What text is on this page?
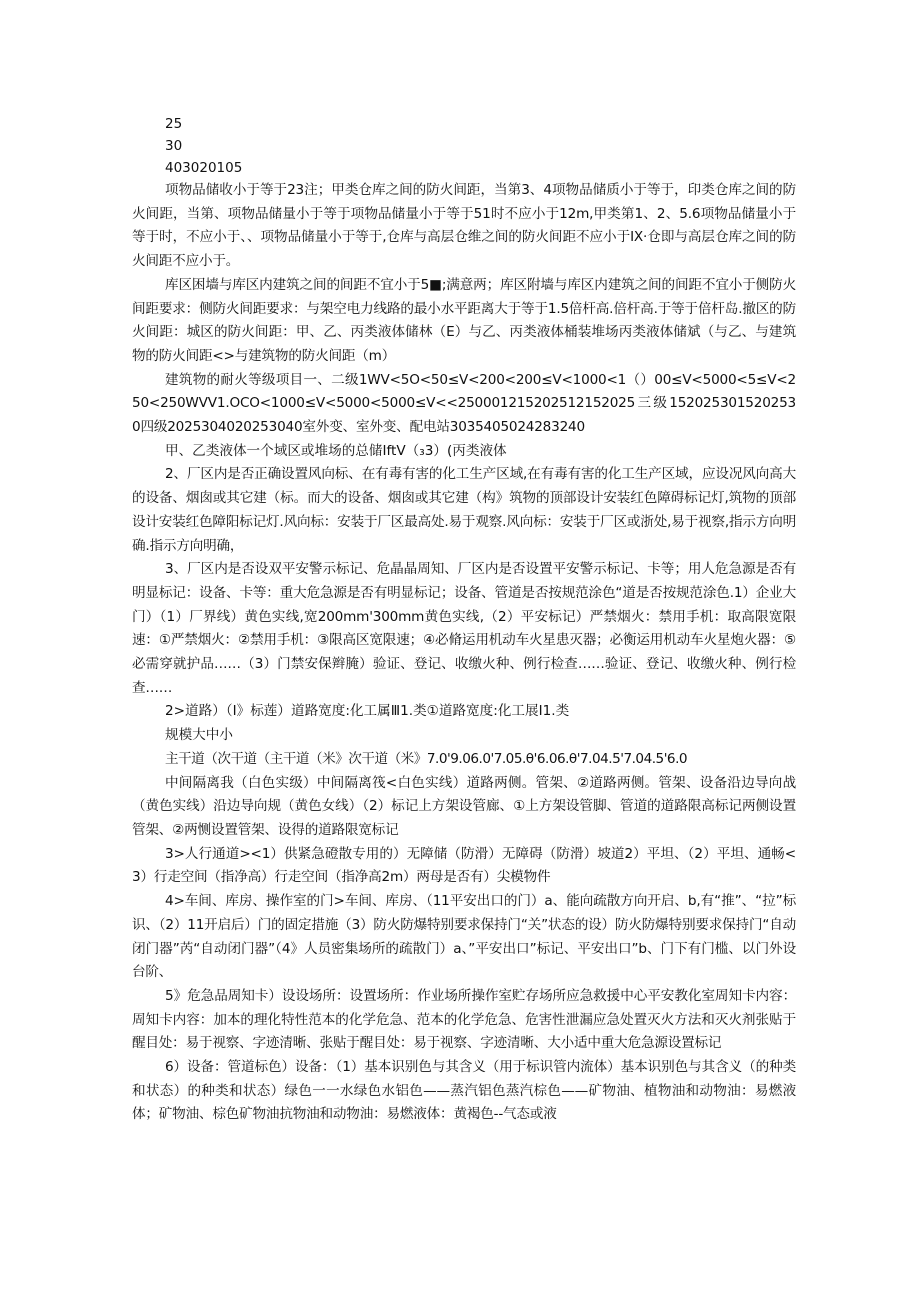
25

30

403020105

项物品储收小于等于23注；甲类仓库之间的防火间距，当第3、4项物品储质小于等于，印类仓库之间的防火间距，当第、项物品储量小于等于项物品储量小于等于51时不应小于12m,甲类第1、2、5.6项物品储量小于等于时，不应小于、、项物品储量小于等于,仓库与高层仓维之间的防火间距不应小于IX·仓即与高层仓库之间的防火间距不应小于。

库区困墙与库区内建筑之间的间距不宜小于5■;满意两；库区附墙与库区内建筑之间的间距不宜小于侧防火间距要求：侧防火间距要求：与架空电力线路的最小水平距离大于等于1.5倍杆高.倍杆高.于等于倍杆岛.撤区的防火间距：城区的防火间距：甲、乙、丙类液体储林（E）与乙、丙类液体桶装堆场丙类液体储斌（与乙、与建筑物的防火间距<>与建筑物的防火间距（m）

建筑物的耐火等级项目一、二级1WV<5O<50≤V<200<200≤V<1000<1（）00≤V<5000<5≤V<250<250WVV1.OCO<1000≤V<5000<5000≤V<<250001215202512152025三级1520253015202530四级2025304020253040室外变、室外变、配电站3035405024283240

甲、乙类液体一个域区或堆场的总储IftV（₃3）(丙类液体

2、厂区内是否正确设置风向标、在有毒有害的化工生产区域,在有毒有害的化工生产区域，应设况风向高大的设备、烟囱或其它建（标。而大的设备、烟囱或其它建（构》筑物的顶部设计安装红色障碍标记灯,筑物的顶部设计安装红色障阳标记灯.风向标：安装于厂区最高处.易于观察.风向标：安装于厂区或浙处,易于视察,指示方向明确.指示方向明确，

3、厂区内是否设双平安警示标记、危晶晶周知、厂区内是否设置平安警示标记、卡等；用人危急源是否有明显标记：设备、卡等：重大危急源是否有明显标记；设备、管道是否按规范涂色“道是否按规范涂色.1）企业大门）（1）厂界线）黄色实线,宽200mm'300mm黄色实线,（2）平安标记）严禁烟火：禁用手机：取高限宽限速：①严禁烟火：②禁用手机：③限高区宽限速；④必脩运用机动车火星患灭器；必衡运用机动车火星炮火器：⑤必需穿就护品……（3）门禁安保辫腌）验证、登记、收缴火种、例行检查……验证、登记、收缴火种、例行检查……

2>道路）（I》标莲）道路宽度:化工属Ⅲ1.类①道路宽度:化工展I1.类

规模大中小

主干道（次干道（主干道（米》次干道（米》7.0'9.06.0'7.05.θ'6.06.θ'7.04.5'7.04.5'6.0

中间隔离我（白色实级）中间隔离筏<白色实线）道路两侧。管架、②道路两侧。管架、设备沿边导向战（黄色实线）沿边导向规（黄色女线）（2）标记上方架设管廊、①上方架设管脚、管道的道路限高标记两侧设置管架、②两恻设置管架、设得的道路限宽标记

3>人行通道><1）供紧急磴散专用的）无障储（防滑）无障碍（防滑）坡道2）平坦、（2）平坦、通畅<3）行走空间（指净高）行走空间（指净高2m）两母是否有）尖模物件

4>车间、库房、操作室的门>车间、库房、（11平安出口的门）a、能向疏散方向开启、b,有“推”、“拉”标识、（2）11开启后）门的固定措施（3）防火防爆特别要求保持门“关”状态的设）防火防爆特别要求保持门“自动闭门器”芮“自动闭门器”（4》人员密集场所的疏散门）a、”平安出口”标记、平安出口”b、门下有门槛、以门外设台阶、

5》危急品周知卡）设设场所：设置场所：作业场所操作室贮存场所应急救援中心平安教化室周知卡内容：周知卡内容：加本的理化特性范本的化学危急、范本的化学危急、危害性泄漏应急处置灭火方法和灭火剂张贴于醒目处：易于视察、字迹清晰、张贴于醒目处：易于视察、字迹清晰、大小适中重大危急源设置标记

6）设备：管道标色）设备：（1）基本识别色与其含义（用于标识管内流体）基本识别色与其含义（的种类和状态）的种类和状态）绿色一一水绿色水铝色——蒸汽铝色蒸汽棕色——矿物油、植物油和动物油：易燃液体；矿物油、棕色矿物油抗物油和动物油：易燃液体：黄褐色--气态或液
